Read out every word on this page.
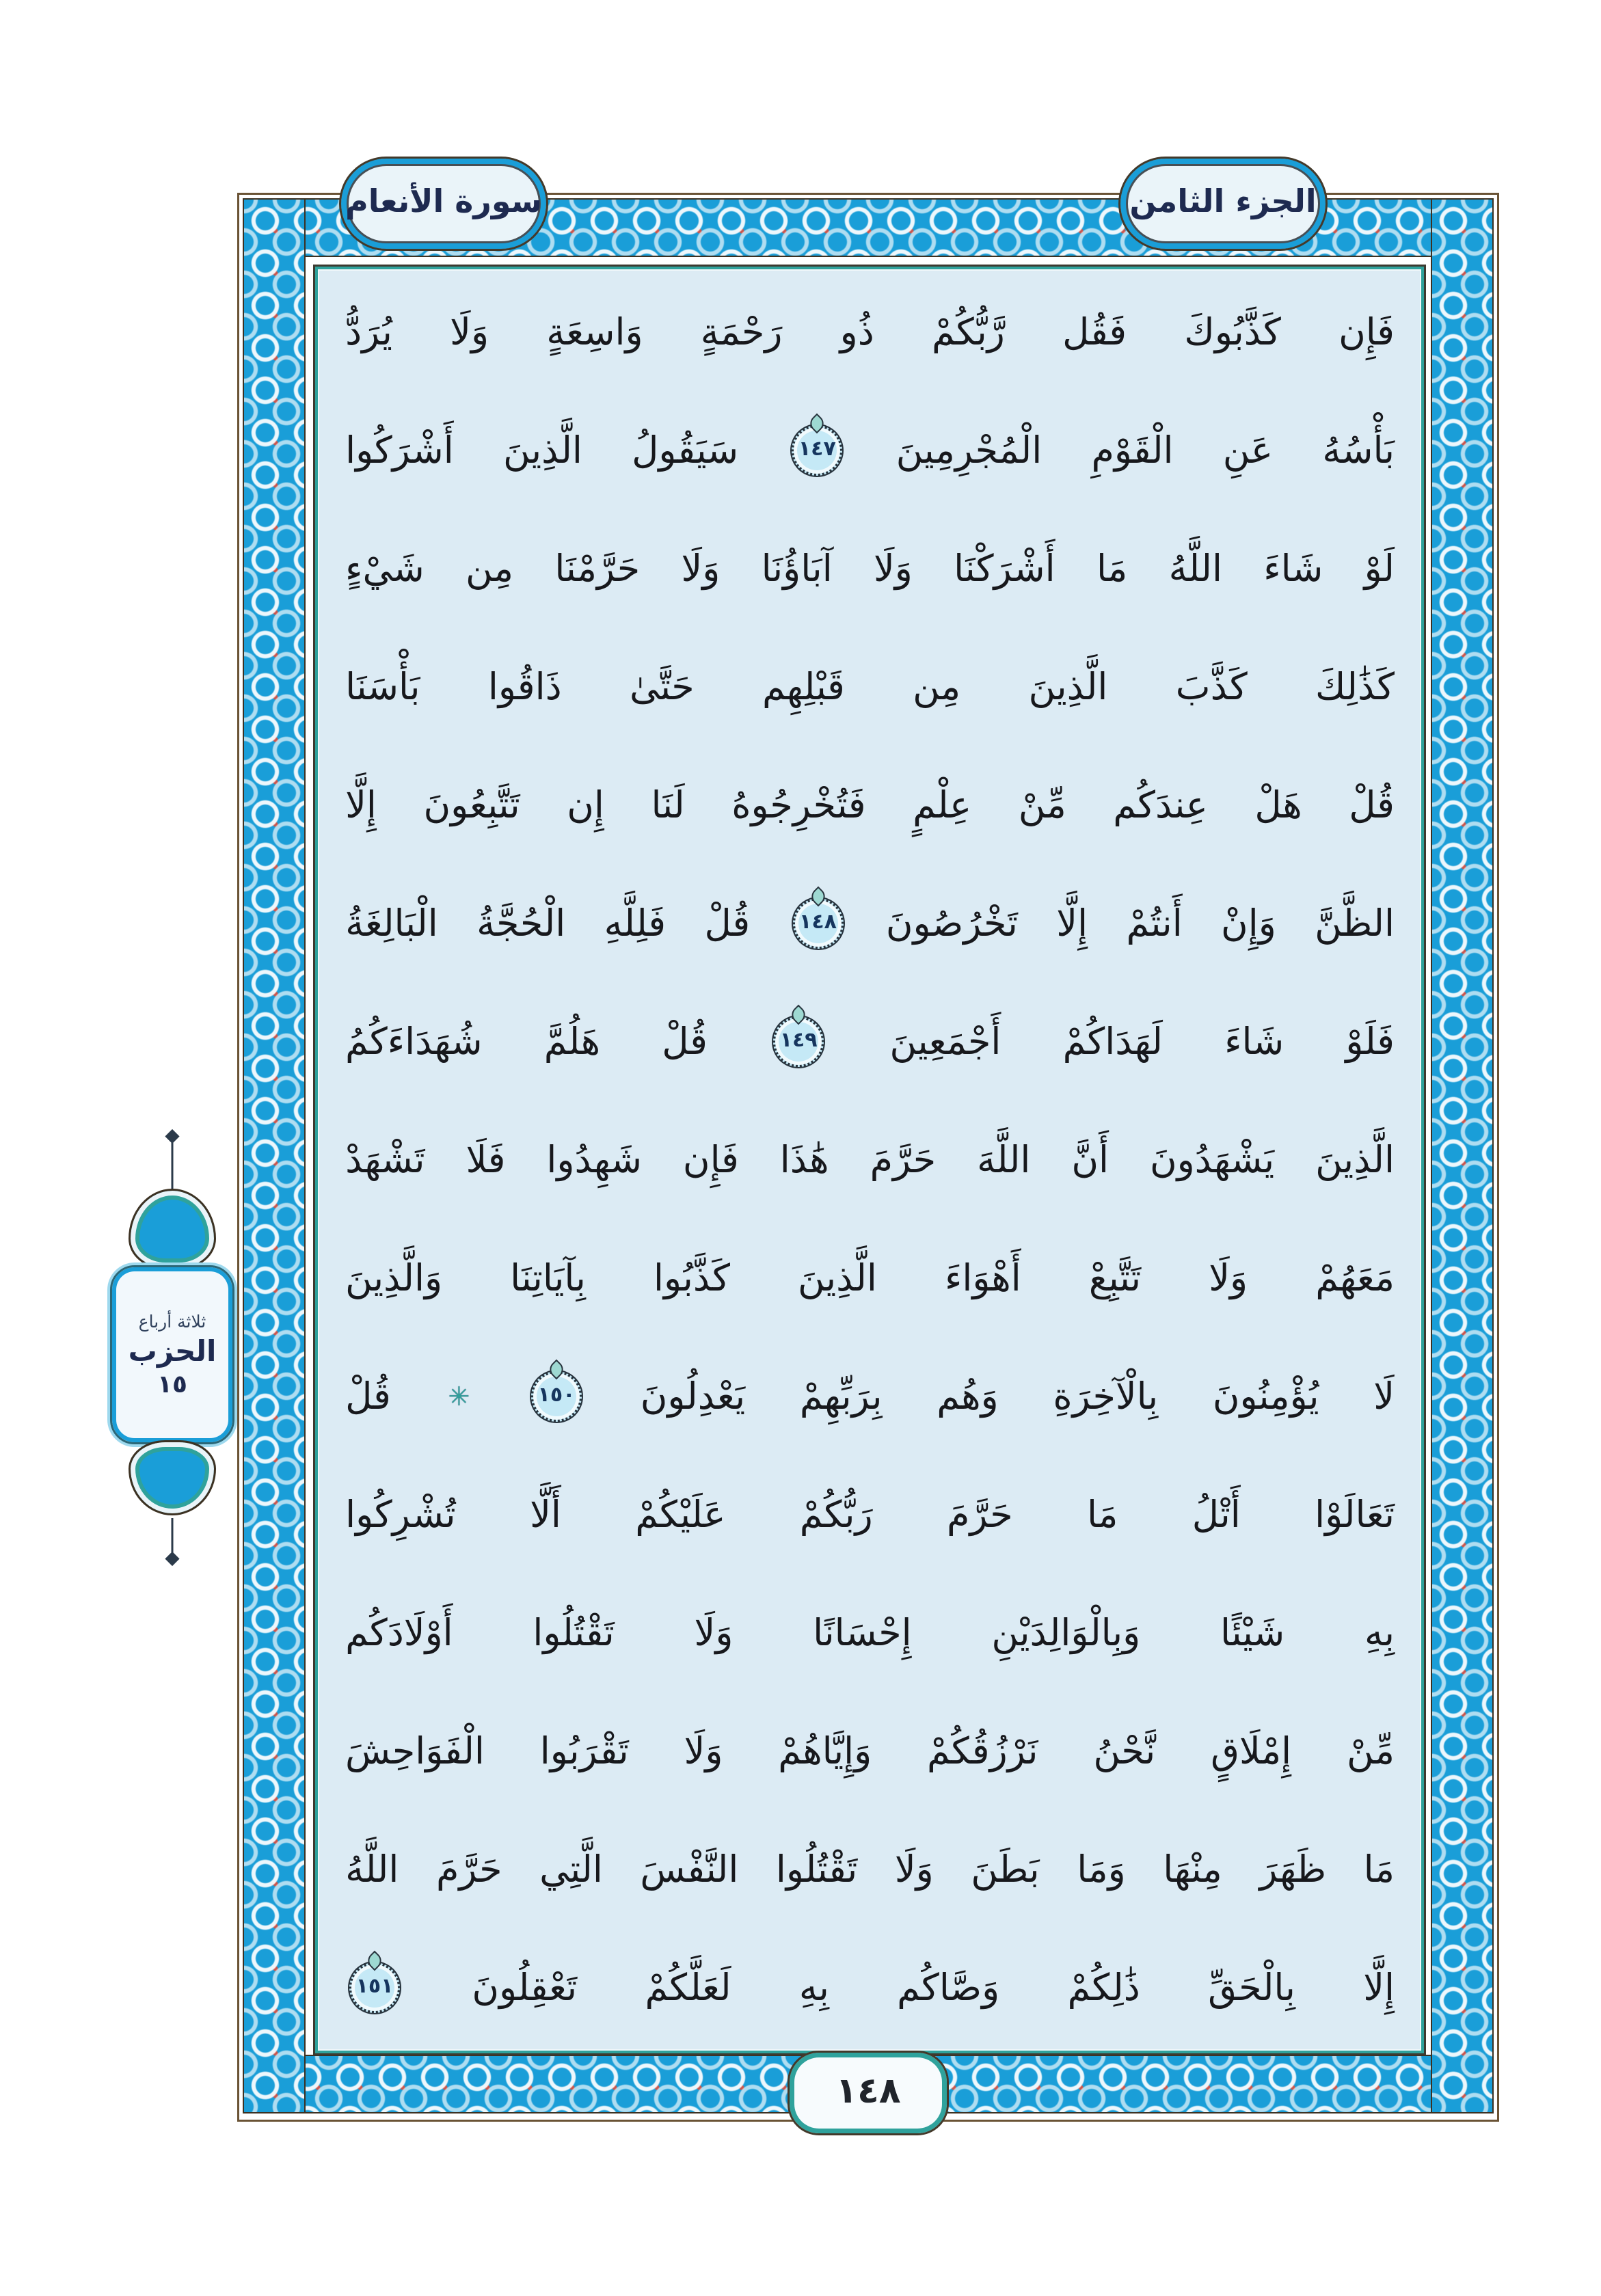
سورة الأنعام	الجزء الثامن
فَإِن
كَذَّبُوكَ
فَقُل
رَّبُّكُمْ
ذُو
رَحْمَةٍ
وَاسِعَةٍ
وَلَا
يُرَدُّ
بَأْسُهُ
عَنِ
الْقَوْمِ
الْمُجْرِمِينَ
١٤٧
سَيَقُولُ
الَّذِينَ
أَشْرَكُوا
لَوْ
شَاءَ
اللَّهُ
مَا
أَشْرَكْنَا
وَلَا
آبَاؤُنَا
وَلَا
حَرَّمْنَا
مِن
شَيْءٍ
كَذَٰلِكَ
كَذَّبَ
الَّذِينَ
مِن
قَبْلِهِم
حَتَّىٰ
ذَاقُوا
بَأْسَنَا
قُلْ
هَلْ
عِندَكُم
مِّنْ
عِلْمٍ
فَتُخْرِجُوهُ
لَنَا
إِن
تَتَّبِعُونَ
إِلَّا
الظَّنَّ
وَإِنْ
أَنتُمْ
إِلَّا
تَخْرُصُونَ
١٤٨
قُلْ
فَلِلَّهِ
الْحُجَّةُ
الْبَالِغَةُ
فَلَوْ
شَاءَ
لَهَدَاكُمْ
أَجْمَعِينَ
١٤٩
قُلْ
هَلُمَّ
شُهَدَاءَكُمُ
الَّذِينَ
يَشْهَدُونَ
أَنَّ
اللَّهَ
حَرَّمَ
هَٰذَا
فَإِن
شَهِدُوا
فَلَا
تَشْهَدْ
مَعَهُمْ
وَلَا
تَتَّبِعْ
أَهْوَاءَ
الَّذِينَ
كَذَّبُوا
بِآيَاتِنَا
وَالَّذِينَ
لَا
يُؤْمِنُونَ
بِالْآخِرَةِ
وَهُم
بِرَبِّهِمْ
يَعْدِلُونَ
١٥٠
✳
قُلْ
تَعَالَوْا
أَتْلُ
مَا
حَرَّمَ
رَبُّكُمْ
عَلَيْكُمْ
أَلَّا
تُشْرِكُوا
بِهِ
شَيْئًا
وَبِالْوَالِدَيْنِ
إِحْسَانًا
وَلَا
تَقْتُلُوا
أَوْلَادَكُم
مِّنْ
إِمْلَاقٍ
نَّحْنُ
نَرْزُقُكُمْ
وَإِيَّاهُمْ
وَلَا
تَقْرَبُوا
الْفَوَاحِشَ
مَا
ظَهَرَ
مِنْهَا
وَمَا
بَطَنَ
وَلَا
تَقْتُلُوا
النَّفْسَ
الَّتِي
حَرَّمَ
اللَّهُ
إِلَّا
بِالْحَقِّ
ذَٰلِكُمْ
وَصَّاكُم
بِهِ
لَعَلَّكُمْ
تَعْقِلُونَ
١٥١
ثلاثة أرباع
الحزب
١٥
١٤٨
